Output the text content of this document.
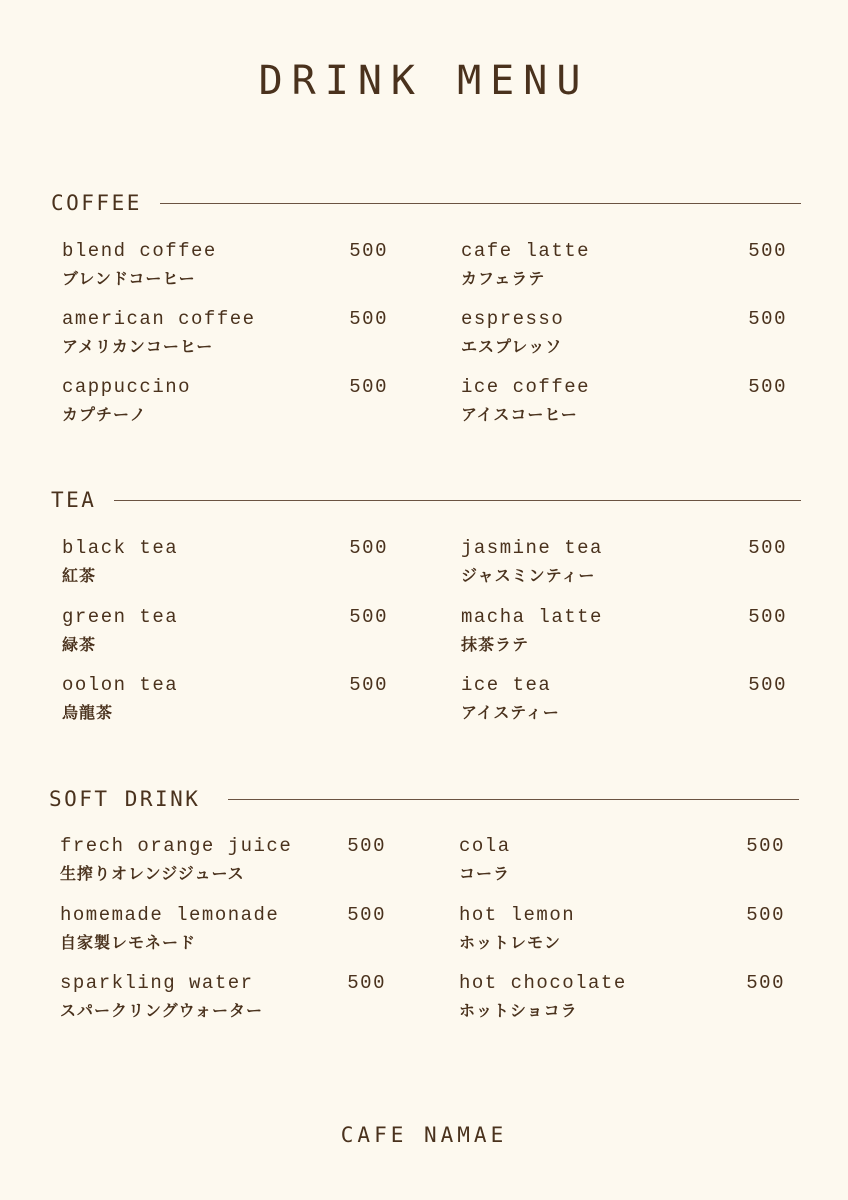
DRINK MENU
COFFEE
blend coffee	500
ブレンドコーヒー
cafe latte	500
カフェラテ
american coffee	500
アメリカンコーヒー
espresso	500
エスプレッソ
cappuccino	500
カプチーノ
ice coffee	500
アイスコーヒー
TEA
black tea	500
紅茶
jasmine tea	500
ジャスミンティー
green tea	500
緑茶
macha latte	500
抹茶ラテ
oolon tea	500
烏龍茶
ice tea	500
アイスティー
SOFT DRINK
frech orange juice	500
生搾りオレンジジュース
cola	500
コーラ
homemade lemonade	500
自家製レモネード
hot lemon	500
ホットレモン
sparkling water	500
スパークリングウォーター
hot chocolate	500
ホットショコラ
CAFE NAMAE
